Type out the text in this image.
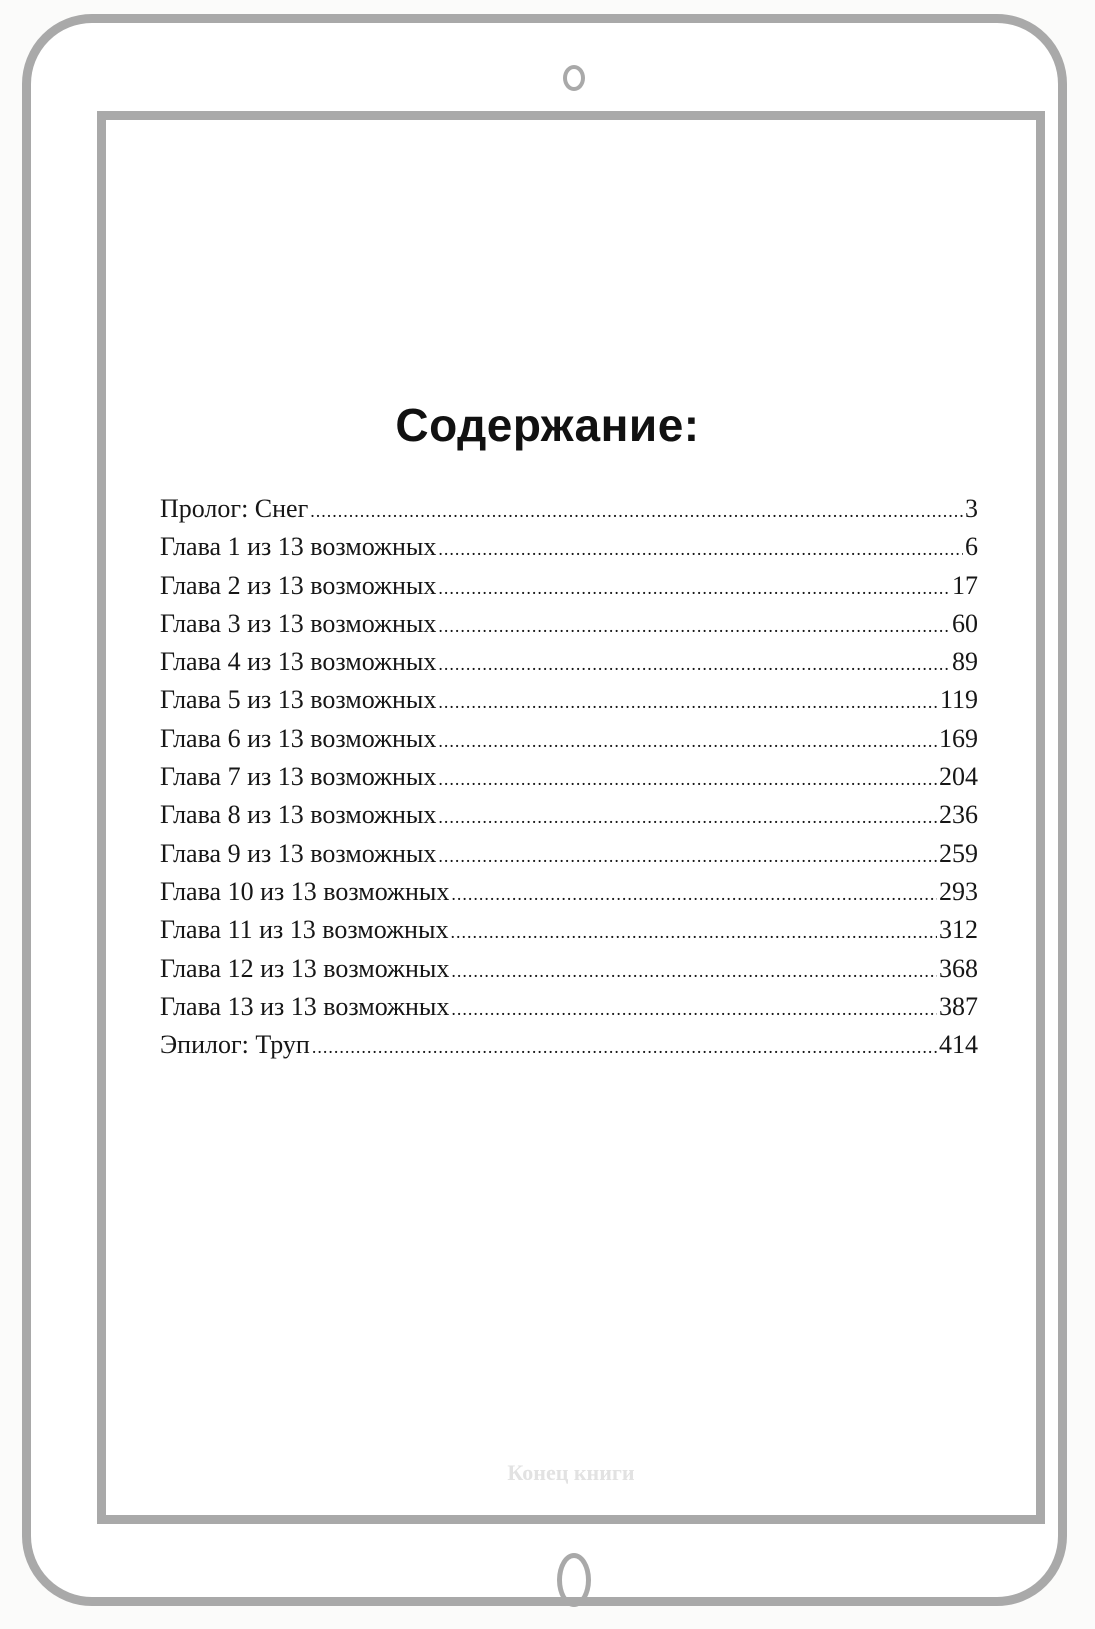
Конец книги
Содержание:
Пролог: Снег .....	3
Глава 1 из 13 возможных .....	6
Глава 2 из 13 возможных .....	17
Глава 3 из 13 возможных .....	60
Глава 4 из 13 возможных .....	89
Глава 5 из 13 возможных .....	119
Глава 6 из 13 возможных .....	169
Глава 7 из 13 возможных .....	204
Глава 8 из 13 возможных .....	236
Глава 9 из 13 возможных .....	259
Глава 10 из 13 возможных .....	293
Глава 11 из 13 возможных .....	312
Глава 12 из 13 возможных .....	368
Глава 13 из 13 возможных .....	387
Эпилог: Труп .....	414
